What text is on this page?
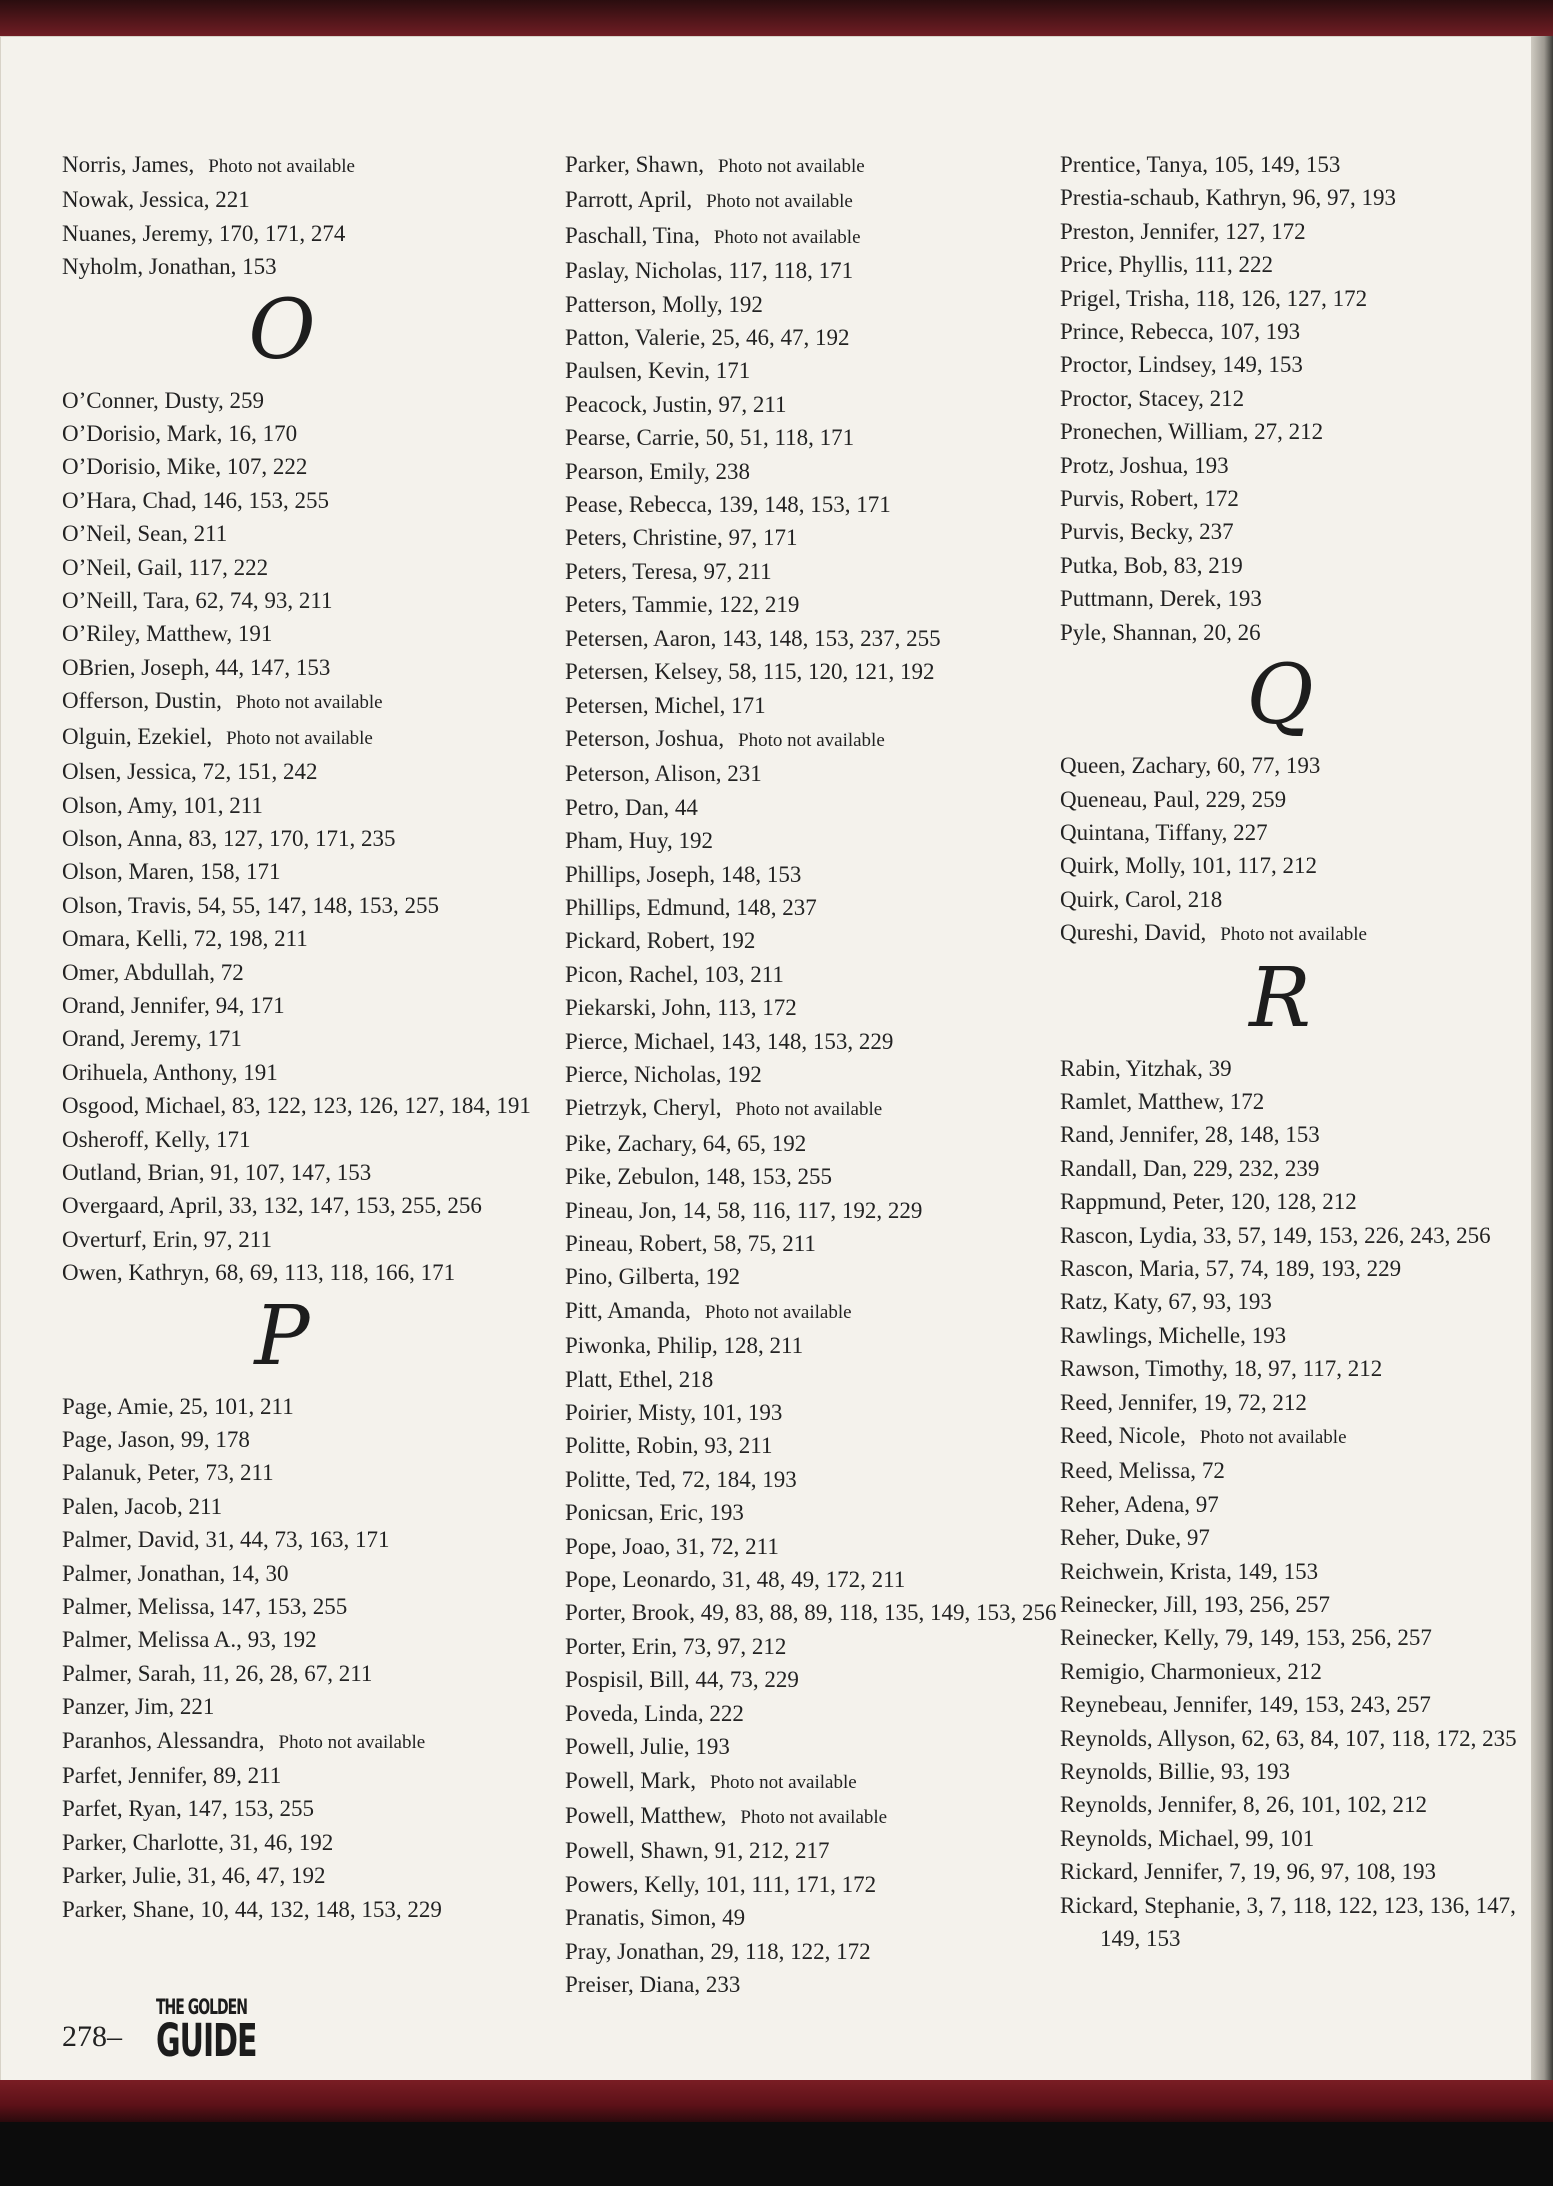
Norris, James, Photo not available
Nowak, Jessica, 221
Nuanes, Jeremy, 170, 171, 274
Nyholm, Jonathan, 153
O
O’Conner, Dusty, 259
O’Dorisio, Mark, 16, 170
O’Dorisio, Mike, 107, 222
O’Hara, Chad, 146, 153, 255
O’Neil, Sean, 211
O’Neil, Gail, 117, 222
O’Neill, Tara, 62, 74, 93, 211
O’Riley, Matthew, 191
OBrien, Joseph, 44, 147, 153
Offerson, Dustin, Photo not available
Olguin, Ezekiel, Photo not available
Olsen, Jessica, 72, 151, 242
Olson, Amy, 101, 211
Olson, Anna, 83, 127, 170, 171, 235
Olson, Maren, 158, 171
Olson, Travis, 54, 55, 147, 148, 153, 255
Omara, Kelli, 72, 198, 211
Omer, Abdullah, 72
Orand, Jennifer, 94, 171
Orand, Jeremy, 171
Orihuela, Anthony, 191
Osgood, Michael, 83, 122, 123, 126, 127, 184, 191
Osheroff, Kelly, 171
Outland, Brian, 91, 107, 147, 153
Overgaard, April, 33, 132, 147, 153, 255, 256
Overturf, Erin, 97, 211
Owen, Kathryn, 68, 69, 113, 118, 166, 171
P
Page, Amie, 25, 101, 211
Page, Jason, 99, 178
Palanuk, Peter, 73, 211
Palen, Jacob, 211
Palmer, David, 31, 44, 73, 163, 171
Palmer, Jonathan, 14, 30
Palmer, Melissa, 147, 153, 255
Palmer, Melissa A., 93, 192
Palmer, Sarah, 11, 26, 28, 67, 211
Panzer, Jim, 221
Paranhos, Alessandra, Photo not available
Parfet, Jennifer, 89, 211
Parfet, Ryan, 147, 153, 255
Parker, Charlotte, 31, 46, 192
Parker, Julie, 31, 46, 47, 192
Parker, Shane, 10, 44, 132, 148, 153, 229
Parker, Shawn, Photo not available
Parrott, April, Photo not available
Paschall, Tina, Photo not available
Paslay, Nicholas, 117, 118, 171
Patterson, Molly, 192
Patton, Valerie, 25, 46, 47, 192
Paulsen, Kevin, 171
Peacock, Justin, 97, 211
Pearse, Carrie, 50, 51, 118, 171
Pearson, Emily, 238
Pease, Rebecca, 139, 148, 153, 171
Peters, Christine, 97, 171
Peters, Teresa, 97, 211
Peters, Tammie, 122, 219
Petersen, Aaron, 143, 148, 153, 237, 255
Petersen, Kelsey, 58, 115, 120, 121, 192
Petersen, Michel, 171
Peterson, Joshua, Photo not available
Peterson, Alison, 231
Petro, Dan, 44
Pham, Huy, 192
Phillips, Joseph, 148, 153
Phillips, Edmund, 148, 237
Pickard, Robert, 192
Picon, Rachel, 103, 211
Piekarski, John, 113, 172
Pierce, Michael, 143, 148, 153, 229
Pierce, Nicholas, 192
Pietrzyk, Cheryl, Photo not available
Pike, Zachary, 64, 65, 192
Pike, Zebulon, 148, 153, 255
Pineau, Jon, 14, 58, 116, 117, 192, 229
Pineau, Robert, 58, 75, 211
Pino, Gilberta, 192
Pitt, Amanda, Photo not available
Piwonka, Philip, 128, 211
Platt, Ethel, 218
Poirier, Misty, 101, 193
Politte, Robin, 93, 211
Politte, Ted, 72, 184, 193
Ponicsan, Eric, 193
Pope, Joao, 31, 72, 211
Pope, Leonardo, 31, 48, 49, 172, 211
Porter, Brook, 49, 83, 88, 89, 118, 135, 149, 153, 256
Porter, Erin, 73, 97, 212
Pospisil, Bill, 44, 73, 229
Poveda, Linda, 222
Powell, Julie, 193
Powell, Mark, Photo not available
Powell, Matthew, Photo not available
Powell, Shawn, 91, 212, 217
Powers, Kelly, 101, 111, 171, 172
Pranatis, Simon, 49
Pray, Jonathan, 29, 118, 122, 172
Preiser, Diana, 233
Prentice, Tanya, 105, 149, 153
Prestia-schaub, Kathryn, 96, 97, 193
Preston, Jennifer, 127, 172
Price, Phyllis, 111, 222
Prigel, Trisha, 118, 126, 127, 172
Prince, Rebecca, 107, 193
Proctor, Lindsey, 149, 153
Proctor, Stacey, 212
Pronechen, William, 27, 212
Protz, Joshua, 193
Purvis, Robert, 172
Purvis, Becky, 237
Putka, Bob, 83, 219
Puttmann, Derek, 193
Pyle, Shannan, 20, 26
Q
Queen, Zachary, 60, 77, 193
Queneau, Paul, 229, 259
Quintana, Tiffany, 227
Quirk, Molly, 101, 117, 212
Quirk, Carol, 218
Qureshi, David, Photo not available
R
Rabin, Yitzhak, 39
Ramlet, Matthew, 172
Rand, Jennifer, 28, 148, 153
Randall, Dan, 229, 232, 239
Rappmund, Peter, 120, 128, 212
Rascon, Lydia, 33, 57, 149, 153, 226, 243, 256
Rascon, Maria, 57, 74, 189, 193, 229
Ratz, Katy, 67, 93, 193
Rawlings, Michelle, 193
Rawson, Timothy, 18, 97, 117, 212
Reed, Jennifer, 19, 72, 212
Reed, Nicole, Photo not available
Reed, Melissa, 72
Reher, Adena, 97
Reher, Duke, 97
Reichwein, Krista, 149, 153
Reinecker, Jill, 193, 256, 257
Reinecker, Kelly, 79, 149, 153, 256, 257
Remigio, Charmonieux, 212
Reynebeau, Jennifer, 149, 153, 243, 257
Reynolds, Allyson, 62, 63, 84, 107, 118, 172, 235
Reynolds, Billie, 93, 193
Reynolds, Jennifer, 8, 26, 101, 102, 212
Reynolds, Michael, 99, 101
Rickard, Jennifer, 7, 19, 96, 97, 108, 193
Rickard, Stephanie, 3, 7, 118, 122, 123, 136, 147, 149, 153
278–
THE GOLDEN
GUIDE
